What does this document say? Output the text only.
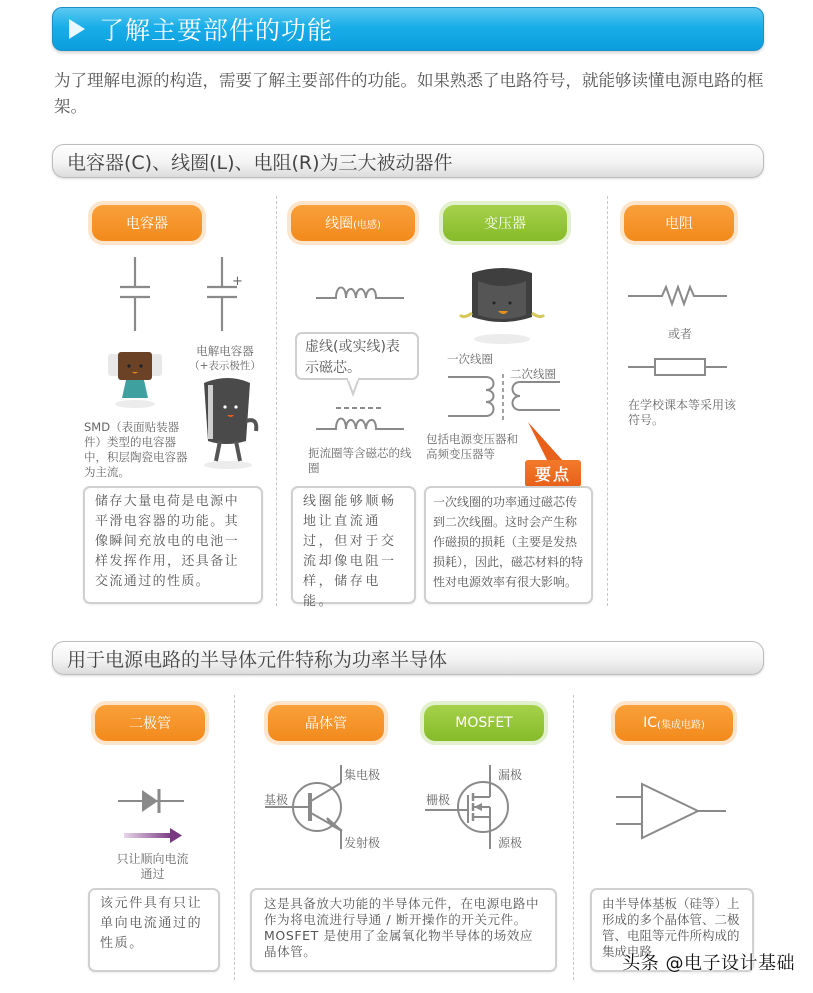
了解主要部件的功能

为了理解电源的构造，需要了解主要部件的功能。如果熟悉了电路符号，就能够读懂电源电路的框架。

电容器(C)、线圈(L)、电阻(R)为三大被动器件
电容器
+
电解电容器
（+表示极性）
SMD（表面贴装器件）类型的电容器中，积层陶瓷电容器为主流。
储存大量电荷是电源中平滑电容器的功能。其像瞬间充放电的电池一样发挥作用，还具备让交流通过的性质。
线圈 (电感)
虚线(或实线)表示磁芯。
扼流圈等含磁芯的线圈
线圈能够顺畅地让直流通过，但对于交流却像电阻一样，储存电能。
变压器
一次线圈
二次线圈
包括电源变压器和高频变压器等
要点
一次线圈的功率通过磁芯传到二次线圈。这时会产生称作磁损的损耗（主要是发热损耗），因此，磁芯材料的特性对电源效率有很大影响。
电阻
或者
在学校课本等采用该符号。
用于电源电路的半导体元件特称为功率半导体
二极管
只让顺向电流通过
该元件具有只让单向电流通过的性质。
晶体管
基极
集电极
发射极
MOSFET
栅极
漏极
源极
这是具备放大功能的半导体元件，在电源电路中作为将电流进行导通 / 断开操作的开关元件。MOSFET 是使用了金属氧化物半导体的场效应晶体管。
IC (集成电路)
由半导体基板（硅等）上形成的多个晶体管、二极管、电阻等元件所构成的集成电路
头条 @电子设计基础
